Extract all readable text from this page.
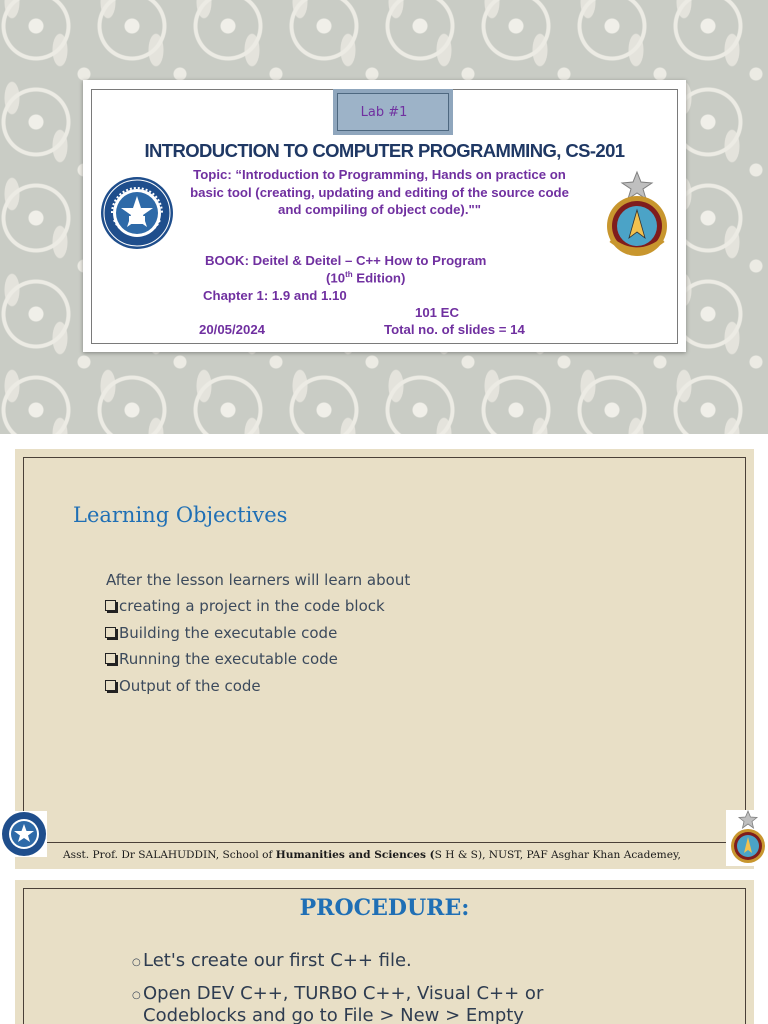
Lab #1
INTRODUCTION TO COMPUTER PROGRAMMING, CS-201
Topic: “Introduction to Programming, Hands on practice on basic tool (creating, updating and editing of the source code and compiling of object code).""
BOOK: Deitel & Deitel – C++ How to Program
(10th Edition)
Chapter 1: 1.9 and 1.10
101 EC
20/05/2024	Total no. of slides = 14
Learning Objectives
After the lesson learners will learn about
creating a project in the code block
Building the executable code
Running the executable code
Output of the code
Asst. Prof. Dr SALAHUDDIN, School of Humanities and Sciences (S H & S), NUST, PAF Asghar Khan Academey,
PROCEDURE:
○ Let's create our first C++ file.
○ Open DEV C++, TURBO C++, Visual C++ or Codeblocks and go to File > New > Empty
